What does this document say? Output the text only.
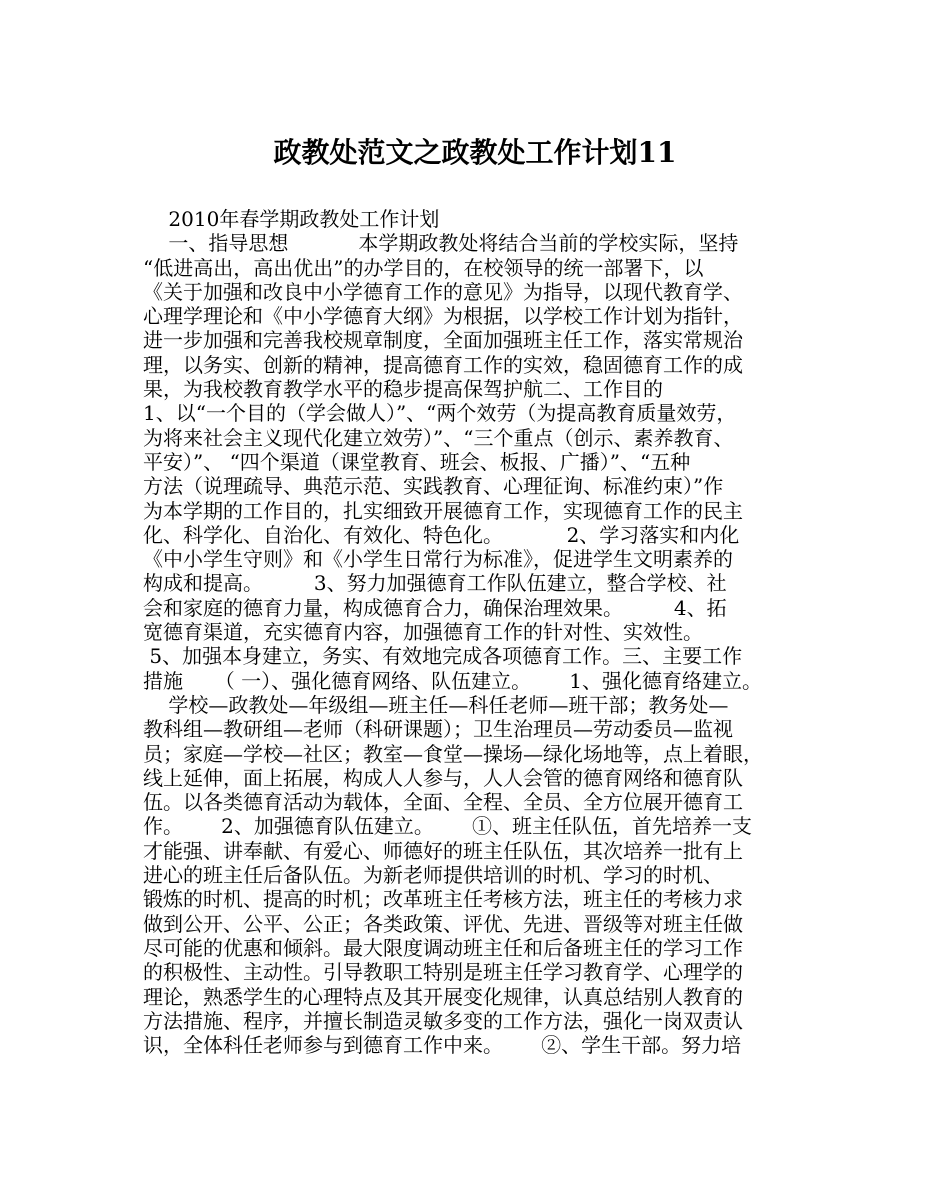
政教处范文之政教处工作计划11
2010年春学期政教处工作计划
一、指导思想           本学期政教处将结合当前的学校实际，坚持
“低进高出，高出优出”的办学目的，在校领导的统一部署下，以
《关于加强和改良中小学德育工作的意见》为指导，以现代教育学、
心理学理论和《中小学德育大纲》为根据，以学校工作计划为指针，
进一步加强和完善我校规章制度，全面加强班主任工作，落实常规治
理，以务实、创新的精神，提高德育工作的实效，稳固德育工作的成
果，为我校教育教学水平的稳步提高保驾护航二、工作目的
1、以“一个目的（学会做人）”、“两个效劳（为提高教育质量效劳，
为将来社会主义现代化建立效劳）”、“三个重点（创示、素养教育、
平安）”、 “四个渠道（课堂教育、班会、板报、广播）”、“五种
方法（说理疏导、典范示范、实践教育、心理征询、标准约束）”作
为本学期的工作目的，扎实细致开展德育工作，实现德育工作的民主
化、科学化、自治化、有效化、特色化。          2、学习落实和内化
《中小学生守则》和《小学生日常行为标准》，促进学生文明素养的
构成和提高。        3、努力加强德育工作队伍建立，整合学校、社
会和家庭的德育力量，构成德育合力，确保治理效果。        4、拓
宽德育渠道，充实德育内容，加强德育工作的针对性、实效性。
5、加强本身建立，务实、有效地完成各项德育工作。三、主要工作
措施     （ 一）、强化德育网络、队伍建立。      1、强化德育络建立。
学校—政教处—年级组—班主任—科任老师—班干部；教务处—
教科组—教研组—老师（科研课题）；卫生治理员—劳动委员—监视
员；家庭—学校—社区；教室—食堂—操场—绿化场地等，点上着眼，
线上延伸，面上拓展，构成人人参与，人人会管的德育网络和德育队
伍。以各类德育活动为载体，全面、全程、全员、全方位展开德育工
作。      2、加强德育队伍建立。      ①、班主任队伍，首先培养一支
才能强、讲奉献、有爱心、师德好的班主任队伍，其次培养一批有上
进心的班主任后备队伍。为新老师提供培训的时机、学习的时机、
锻炼的时机、提高的时机；改革班主任考核方法，班主任的考核力求
做到公开、公平、公正；各类政策、评优、先进、晋级等对班主任做
尽可能的优惠和倾斜。最大限度调动班主任和后备班主任的学习工作
的积极性、主动性。引导教职工特别是班主任学习教育学、心理学的
理论，熟悉学生的心理特点及其开展变化规律，认真总结别人教育的
方法措施、程序，并擅长制造灵敏多变的工作方法，强化一岗双责认
识，全体科任老师参与到德育工作中来。      ②、学生干部。努力培
